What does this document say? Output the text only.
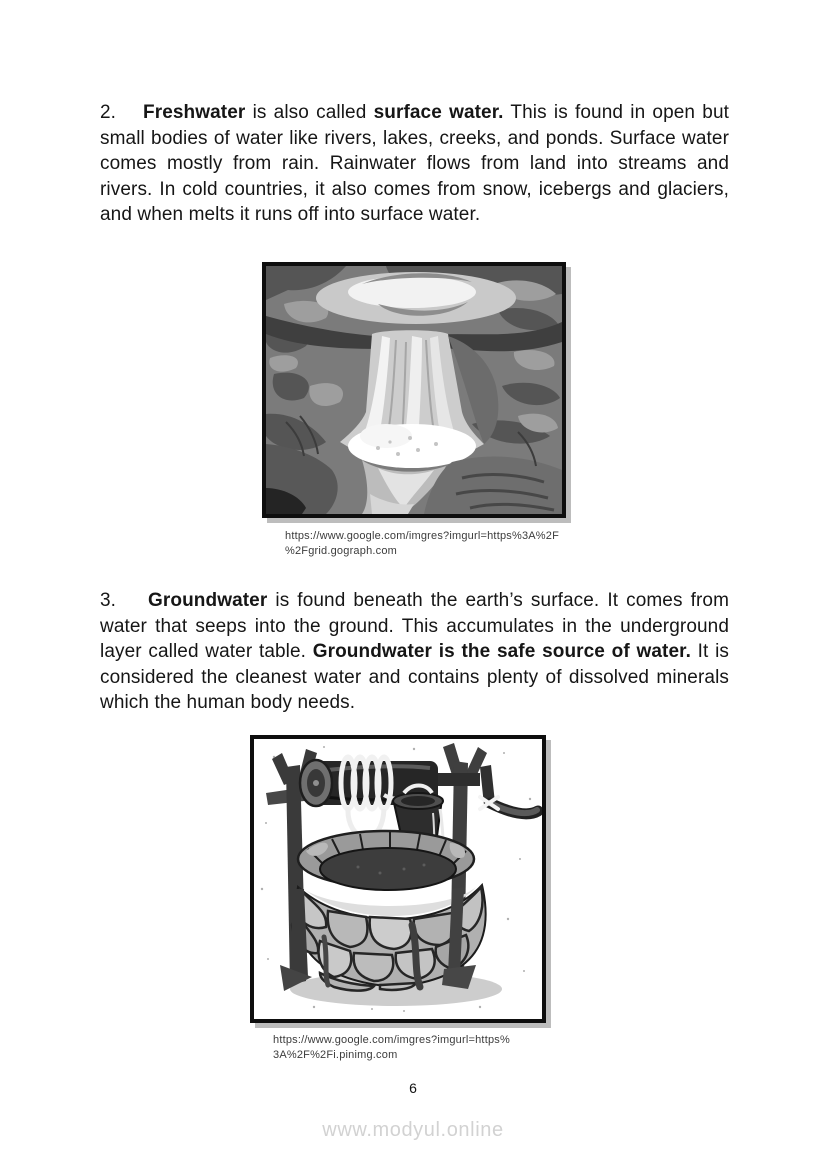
2. Freshwater is also called surface water. This is found in open but small bodies of water like rivers, lakes, creeks, and ponds. Surface water comes mostly from rain. Rainwater flows from land into streams and rivers. In cold countries, it also comes from snow, icebergs and glaciers, and when melts it runs off into surface water.

https://www.google.com/imgres?imgurl=https%3A%2F
%2Fgrid.gograph.com

3. Groundwater is found beneath the earth’s surface. It comes from water that seeps into the ground. This accumulates in the underground layer called water table. Groundwater is the safe source of water. It is considered the cleanest water and contains plenty of dissolved minerals which the human body needs.

https://www.google.com/imgres?imgurl=https%
3A%2F%2Fi.pinimg.com
6
www.modyul.online
